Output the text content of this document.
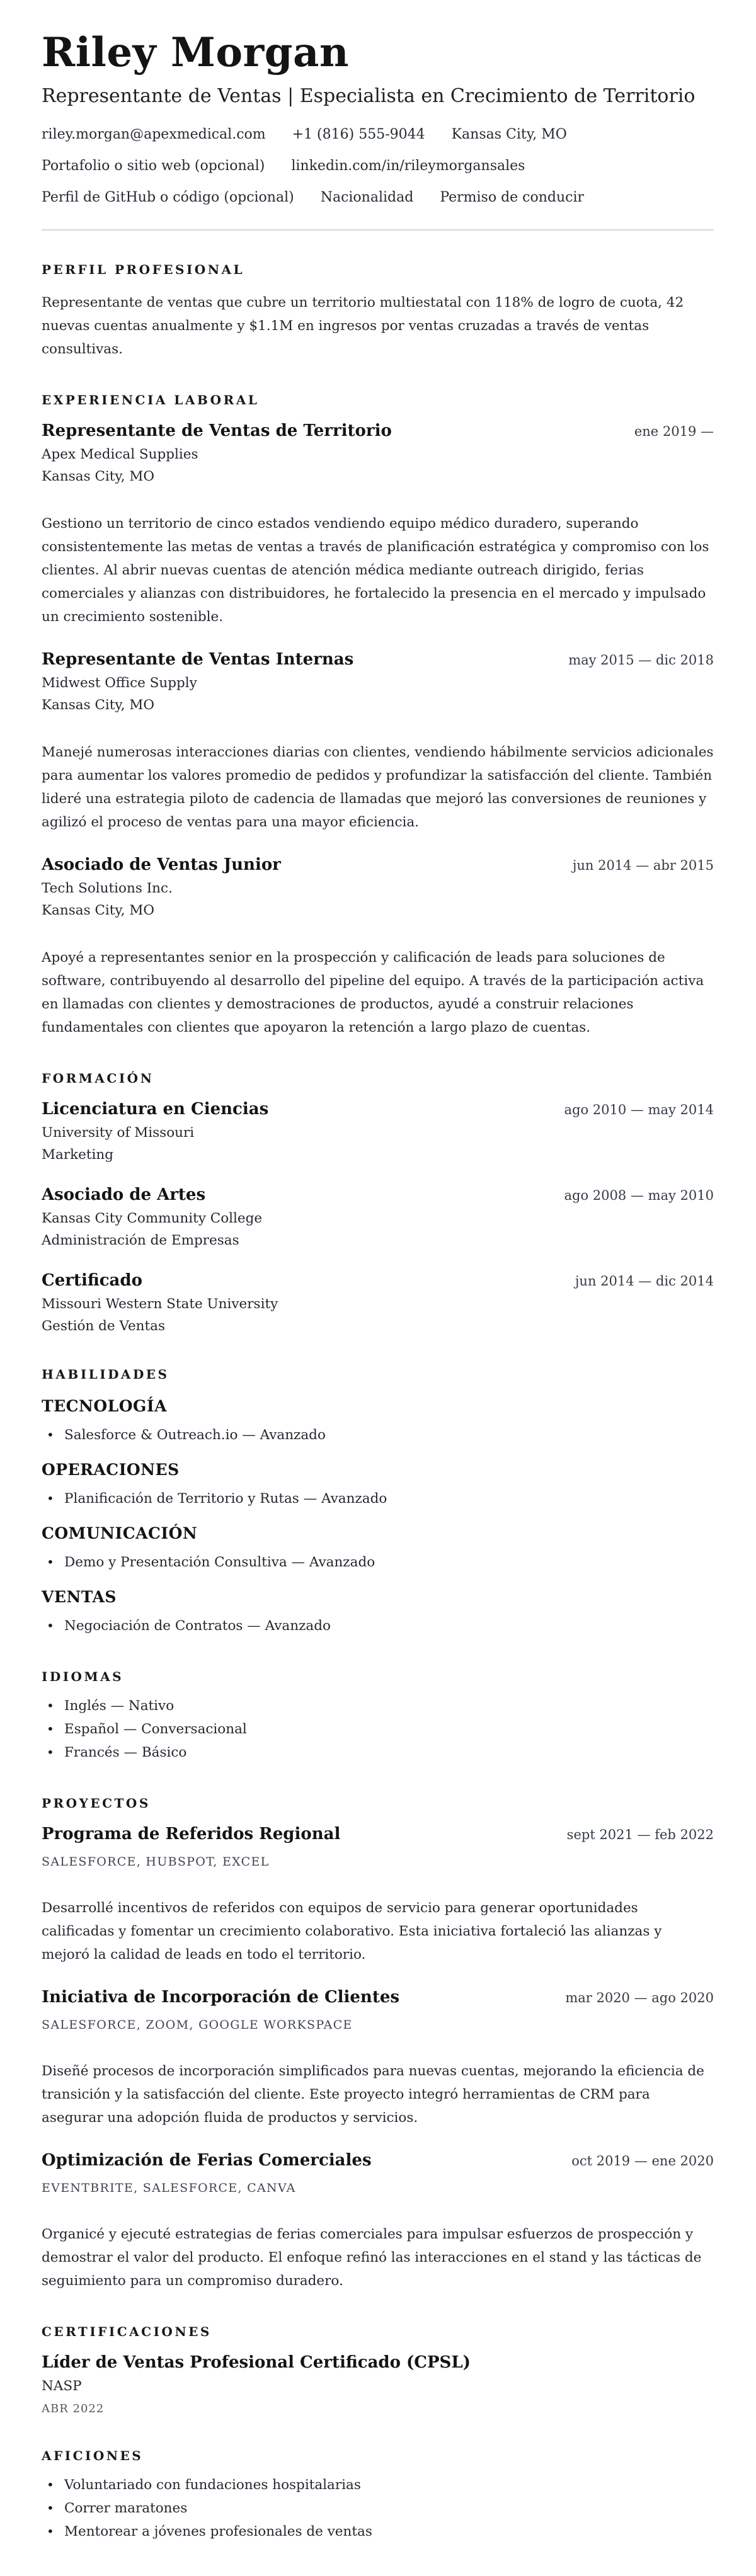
Riley Morgan
Representante de Ventas | Especialista en Crecimiento de Territorio
riley.morgan@apexmedical.com +1 (816) 555-9044 Kansas City, MO
Portafolio o sitio web (opcional) linkedin.com/in/rileymorgansales
Perfil de GitHub o código (opcional) Nacionalidad Permiso de conducir
PERFIL PROFESIONAL

Representante de ventas que cubre un territorio multiestatal con 118% de logro de cuota, 42 nuevas cuentas anualmente y $1.1M en ingresos por ventas cruzadas a través de ventas consultivas.

EXPERIENCIA LABORAL
Representante de Ventas de Territorio	ene 2019 —
Apex Medical Supplies
Kansas City, MO

Gestiono un territorio de cinco estados vendiendo equipo médico duradero, superando consistentemente las metas de ventas a través de planificación estratégica y compromiso con los clientes. Al abrir nuevas cuentas de atención médica mediante outreach dirigido, ferias comerciales y alianzas con distribuidores, he fortalecido la presencia en el mercado y impulsado un crecimiento sostenible.

Representante de Ventas Internas	may 2015 — dic 2018
Midwest Office Supply
Kansas City, MO

Manejé numerosas interacciones diarias con clientes, vendiendo hábilmente servicios adicionales para aumentar los valores promedio de pedidos y profundizar la satisfacción del cliente. También lideré una estrategia piloto de cadencia de llamadas que mejoró las conversiones de reuniones y agilizó el proceso de ventas para una mayor eficiencia.

Asociado de Ventas Junior	jun 2014 — abr 2015
Tech Solutions Inc.
Kansas City, MO

Apoyé a representantes senior en la prospección y calificación de leads para soluciones de software, contribuyendo al desarrollo del pipeline del equipo. A través de la participación activa en llamadas con clientes y demostraciones de productos, ayudé a construir relaciones fundamentales con clientes que apoyaron la retención a largo plazo de cuentas.

FORMACIÓN
Licenciatura en Ciencias	ago 2010 — may 2014
University of Missouri
Marketing
Asociado de Artes	ago 2008 — may 2010
Kansas City Community College
Administración de Empresas
Certificado	jun 2014 — dic 2014
Missouri Western State University
Gestión de Ventas
HABILIDADES
TECNOLOGÍA
• Salesforce & Outreach.io — Avanzado
OPERACIONES
• Planificación de Territorio y Rutas — Avanzado
COMUNICACIÓN
• Demo y Presentación Consultiva — Avanzado
VENTAS
• Negociación de Contratos — Avanzado
IDIOMAS
• Inglés — Nativo
• Español — Conversacional
• Francés — Básico
PROYECTOS
Programa de Referidos Regional	sept 2021 — feb 2022
SALESFORCE, HUBSPOT, EXCEL

Desarrollé incentivos de referidos con equipos de servicio para generar oportunidades calificadas y fomentar un crecimiento colaborativo. Esta iniciativa fortaleció las alianzas y mejoró la calidad de leads en todo el territorio.

Iniciativa de Incorporación de Clientes	mar 2020 — ago 2020
SALESFORCE, ZOOM, GOOGLE WORKSPACE

Diseñé procesos de incorporación simplificados para nuevas cuentas, mejorando la eficiencia de transición y la satisfacción del cliente. Este proyecto integró herramientas de CRM para asegurar una adopción fluida de productos y servicios.

Optimización de Ferias Comerciales	oct 2019 — ene 2020
EVENTBRITE, SALESFORCE, CANVA

Organicé y ejecuté estrategias de ferias comerciales para impulsar esfuerzos de prospección y demostrar el valor del producto. El enfoque refinó las interacciones en el stand y las tácticas de seguimiento para un compromiso duradero.

CERTIFICACIONES
Líder de Ventas Profesional Certificado (CPSL)
NASP
ABR 2022
AFICIONES
• Voluntariado con fundaciones hospitalarias
• Correr maratones
• Mentorear a jóvenes profesionales de ventas
